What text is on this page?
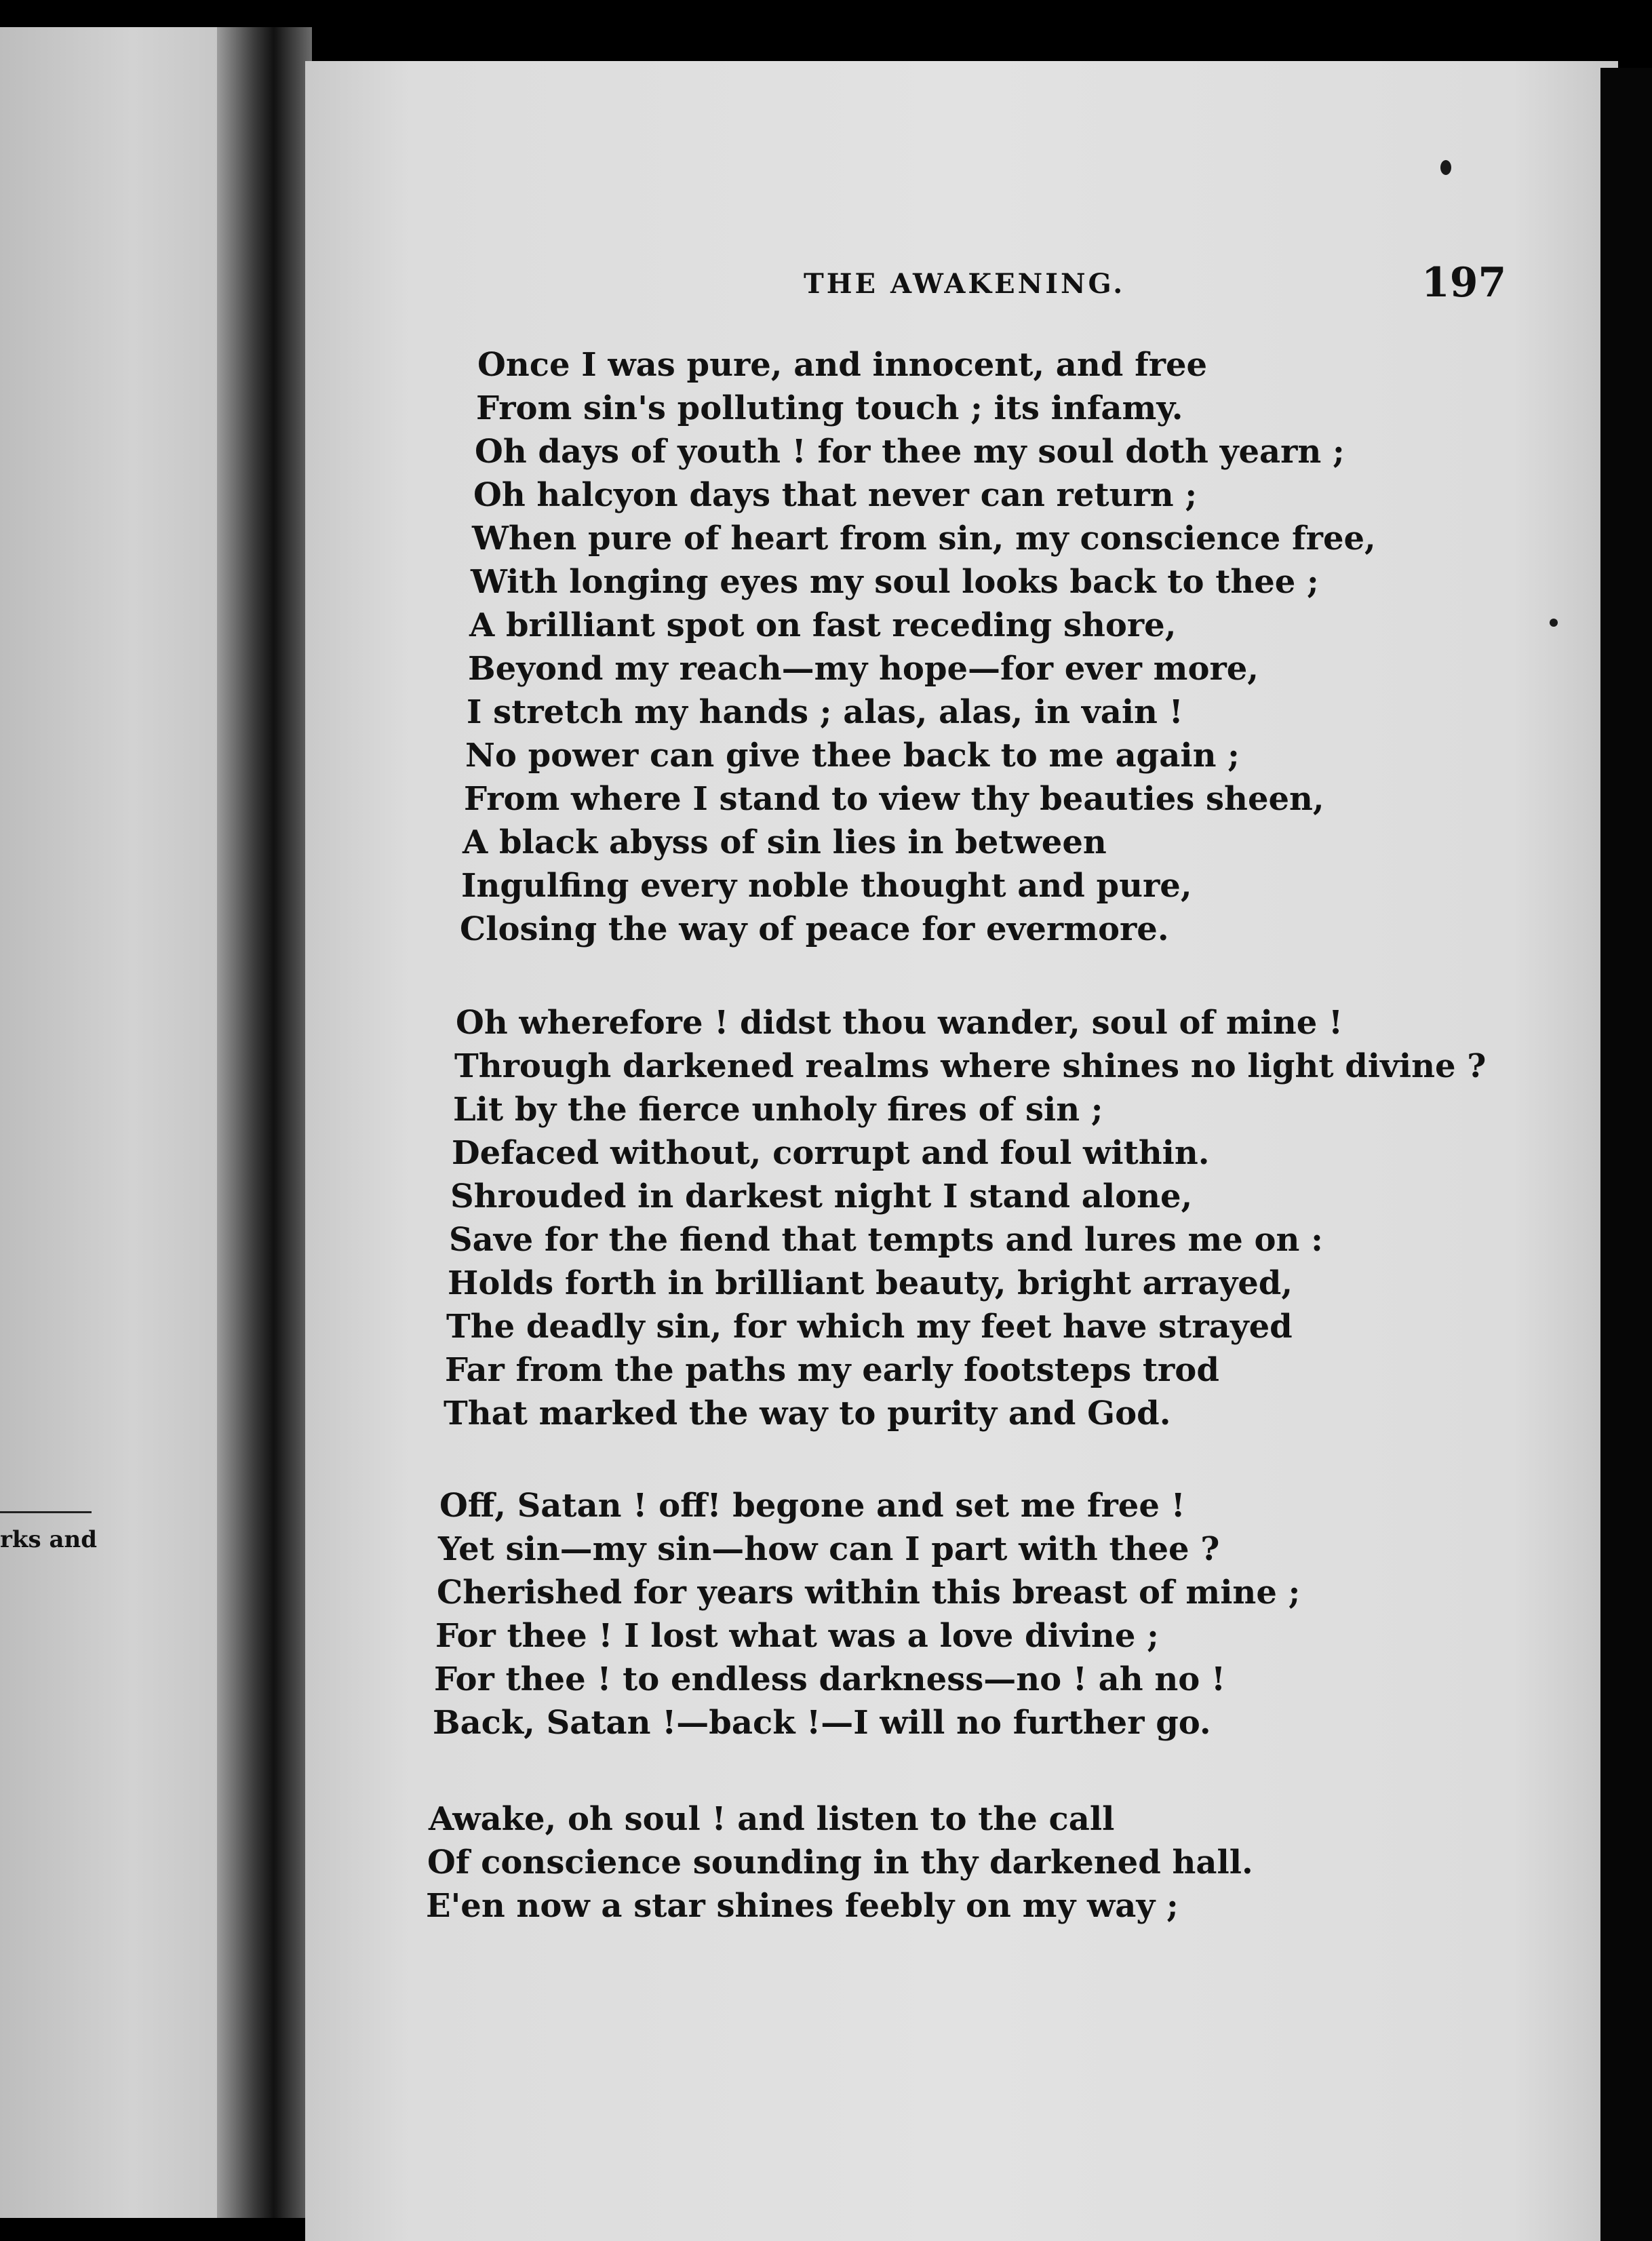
rks and
THE AWAKENING.	197
Once I was pure, and innocent, and free
From sin's polluting touch ; its infamy.
Oh days of youth ! for thee my soul doth yearn ;
Oh halcyon days that never can return ;
When pure of heart from sin, my conscience free,
With longing eyes my soul looks back to thee ;
A brilliant spot on fast receding shore,
Beyond my reach—my hope—for ever more,
I stretch my hands ; alas, alas, in vain !
No power can give thee back to me again ;
From where I stand to view thy beauties sheen,
A black abyss of sin lies in between
Ingulfing every noble thought and pure,
Closing the way of peace for evermore.
Oh wherefore ! didst thou wander, soul of mine !
Through darkened realms where shines no light divine ?
Lit by the fierce unholy fires of sin ;
Defaced without, corrupt and foul within.
Shrouded in darkest night I stand alone,
Save for the fiend that tempts and lures me on :
Holds forth in brilliant beauty, bright arrayed,
The deadly sin, for which my feet have strayed
Far from the paths my early footsteps trod
That marked the way to purity and God.
Off, Satan ! off! begone and set me free !
Yet sin—my sin—how can I part with thee ?
Cherished for years within this breast of mine ;
For thee ! I lost what was a love divine ;
For thee ! to endless darkness—no ! ah no !
Back, Satan !—back !—I will no further go.
Awake, oh soul ! and listen to the call
Of conscience sounding in thy darkened hall.
E'en now a star shines feebly on my way ;
